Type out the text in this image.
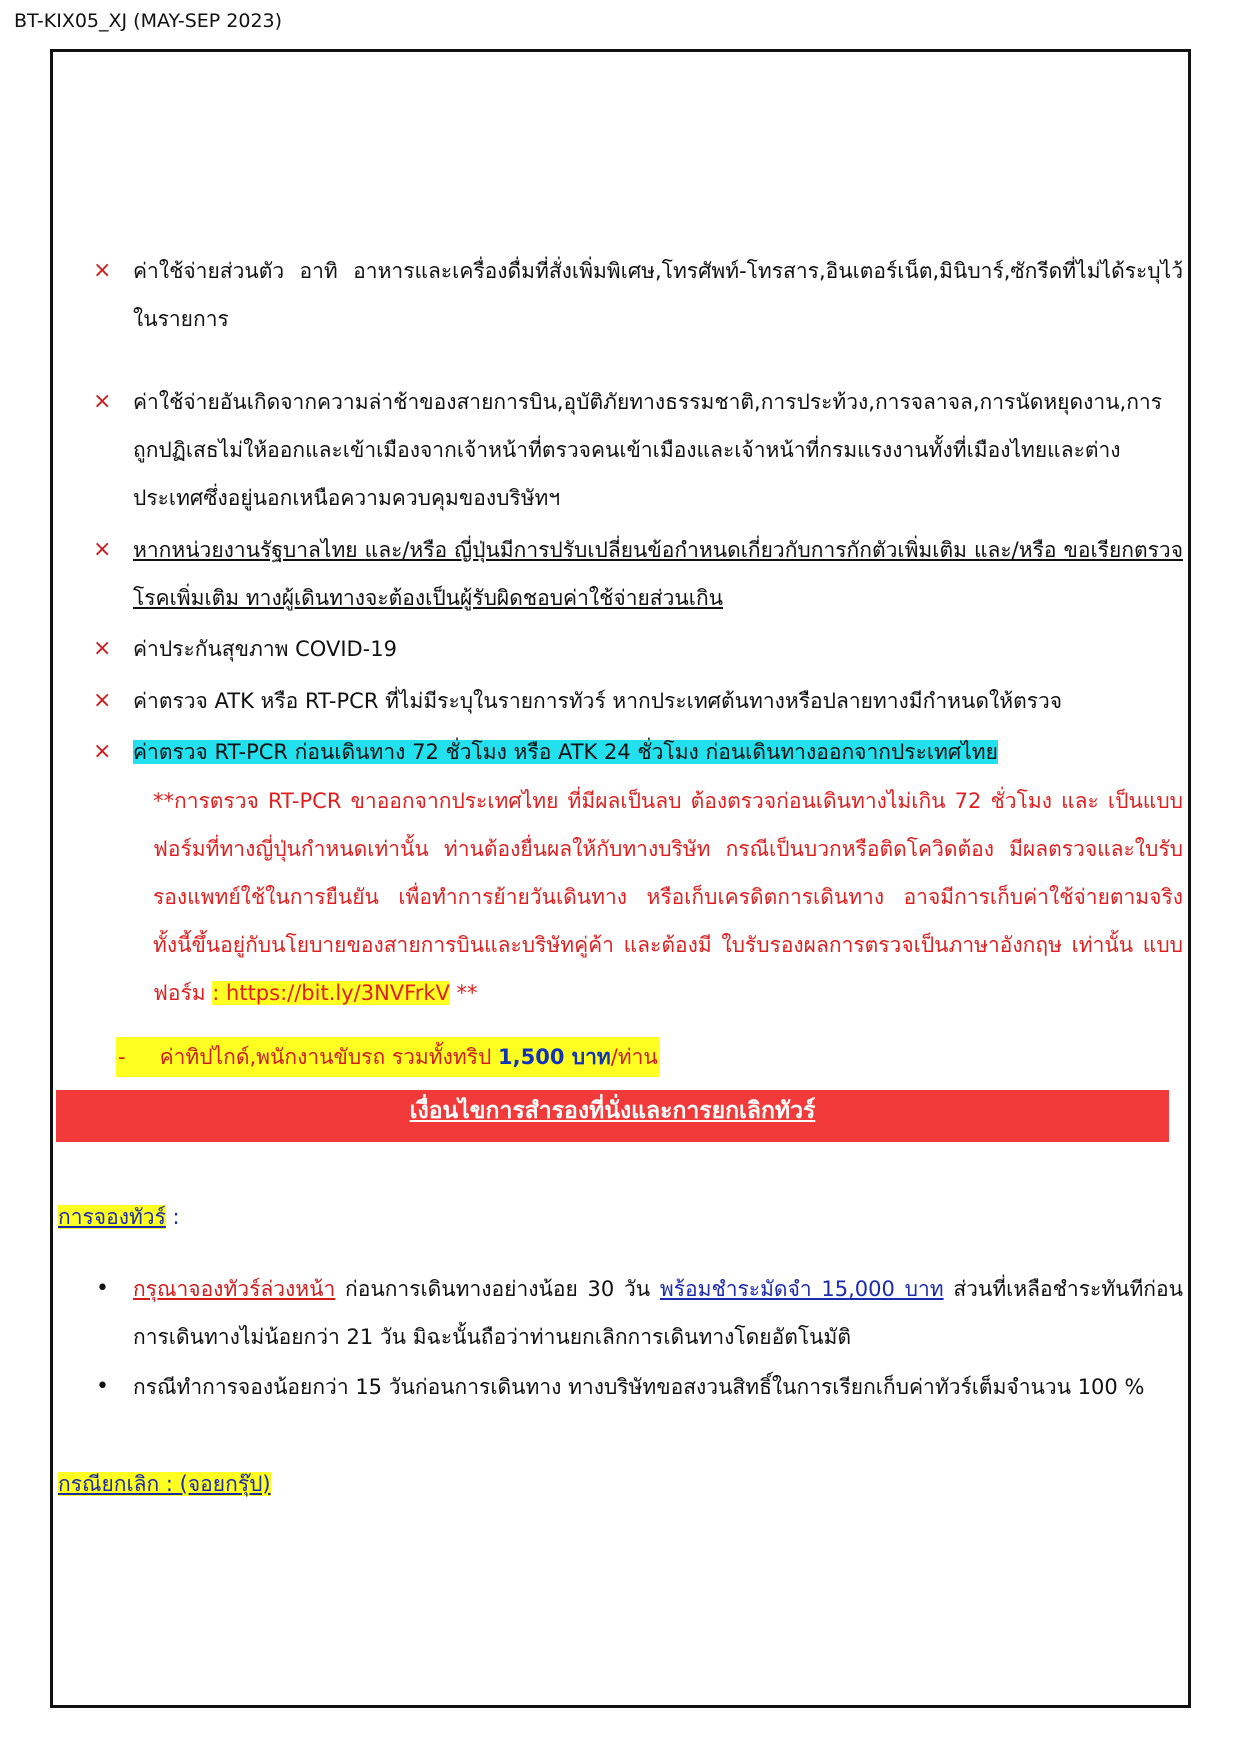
BT-KIX05_XJ (MAY-SEP 2023)
× ค่าใช้จ่ายส่วนตัว อาทิ อาหารและเครื่องดื่มที่สั่งเพิ่มพิเศษ,โทรศัพท์-โทรสาร,อินเตอร์เน็ต,มินิบาร์,ซักรีดที่ไม่ได้ระบุไว้ในรายการ
× ค่าใช้จ่ายอันเกิดจากความล่าช้าของสายการบิน,อุบัติภัยทางธรรมชาติ,การประท้วง,การจลาจล,การนัดหยุดงาน,การถูกปฏิเสธไม่ให้ออกและเข้าเมืองจากเจ้าหน้าที่ตรวจคนเข้าเมืองและเจ้าหน้าที่กรมแรงงานทั้งที่เมืองไทยและต่างประเทศซึ่งอยู่นอกเหนือความควบคุมของบริษัทฯ
× หากหน่วยงานรัฐบาลไทย และ/หรือ ญี่ปุ่นมีการปรับเปลี่ยนข้อกำหนดเกี่ยวกับการกักตัวเพิ่มเติม และ/หรือ ขอเรียกตรวจโรคเพิ่มเติม ทางผู้เดินทางจะต้องเป็นผู้รับผิดชอบค่าใช้จ่ายส่วนเกิน
× ค่าประกันสุขภาพ COVID-19
× ค่าตรวจ ATK หรือ RT-PCR ที่ไม่มีระบุในรายการทัวร์ หากประเทศต้นทางหรือปลายทางมีกำหนดให้ตรวจ
× ค่าตรวจ RT-PCR ก่อนเดินทาง 72 ชั่วโมง หรือ ATK 24 ชั่วโมง ก่อนเดินทางออกจากประเทศไทย
**การตรวจ RT-PCR ขาออกจากประเทศไทย ที่มีผลเป็นลบ ต้องตรวจก่อนเดินทางไม่เกิน 72 ชั่วโมง และ เป็นแบบฟอร์มที่ทางญี่ปุ่นกำหนดเท่านั้น ท่านต้องยื่นผลให้กับทางบริษัท กรณีเป็นบวกหรือติดโควิดต้อง มีผลตรวจและใบรับรองแพทย์ใช้ในการยืนยัน เพื่อทำการย้ายวันเดินทาง หรือเก็บเครดิตการเดินทาง อาจมีการเก็บค่าใช้จ่ายตามจริง ทั้งนี้ขึ้นอยู่กับนโยบายของสายการบินและบริษัทคู่ค้า และต้องมี ใบรับรองผลการตรวจเป็นภาษาอังกฤษ เท่านั้น แบบฟอร์ม : https://bit.ly/3NVFrkV **
- ค่าทิปไกด์,พนักงานขับรถ รวมทั้งทริป 1,500 บาท/ท่าน
เงื่อนไขการสำรองที่นั่งและการยกเลิกทัวร์
การจองทัวร์ :
• กรุณาจองทัวร์ล่วงหน้า ก่อนการเดินทางอย่างน้อย 30 วัน พร้อมชำระมัดจำ 15,000 บาท ส่วนที่เหลือชำระทันทีก่อนการเดินทางไม่น้อยกว่า 21 วัน มิฉะนั้นถือว่าท่านยกเลิกการเดินทางโดยอัตโนมัติ
• กรณีทำการจองน้อยกว่า 15 วันก่อนการเดินทาง ทางบริษัทขอสงวนสิทธิ์ในการเรียกเก็บค่าทัวร์เต็มจำนวน 100 %
กรณียกเลิก : (จอยกรุ๊ป)
